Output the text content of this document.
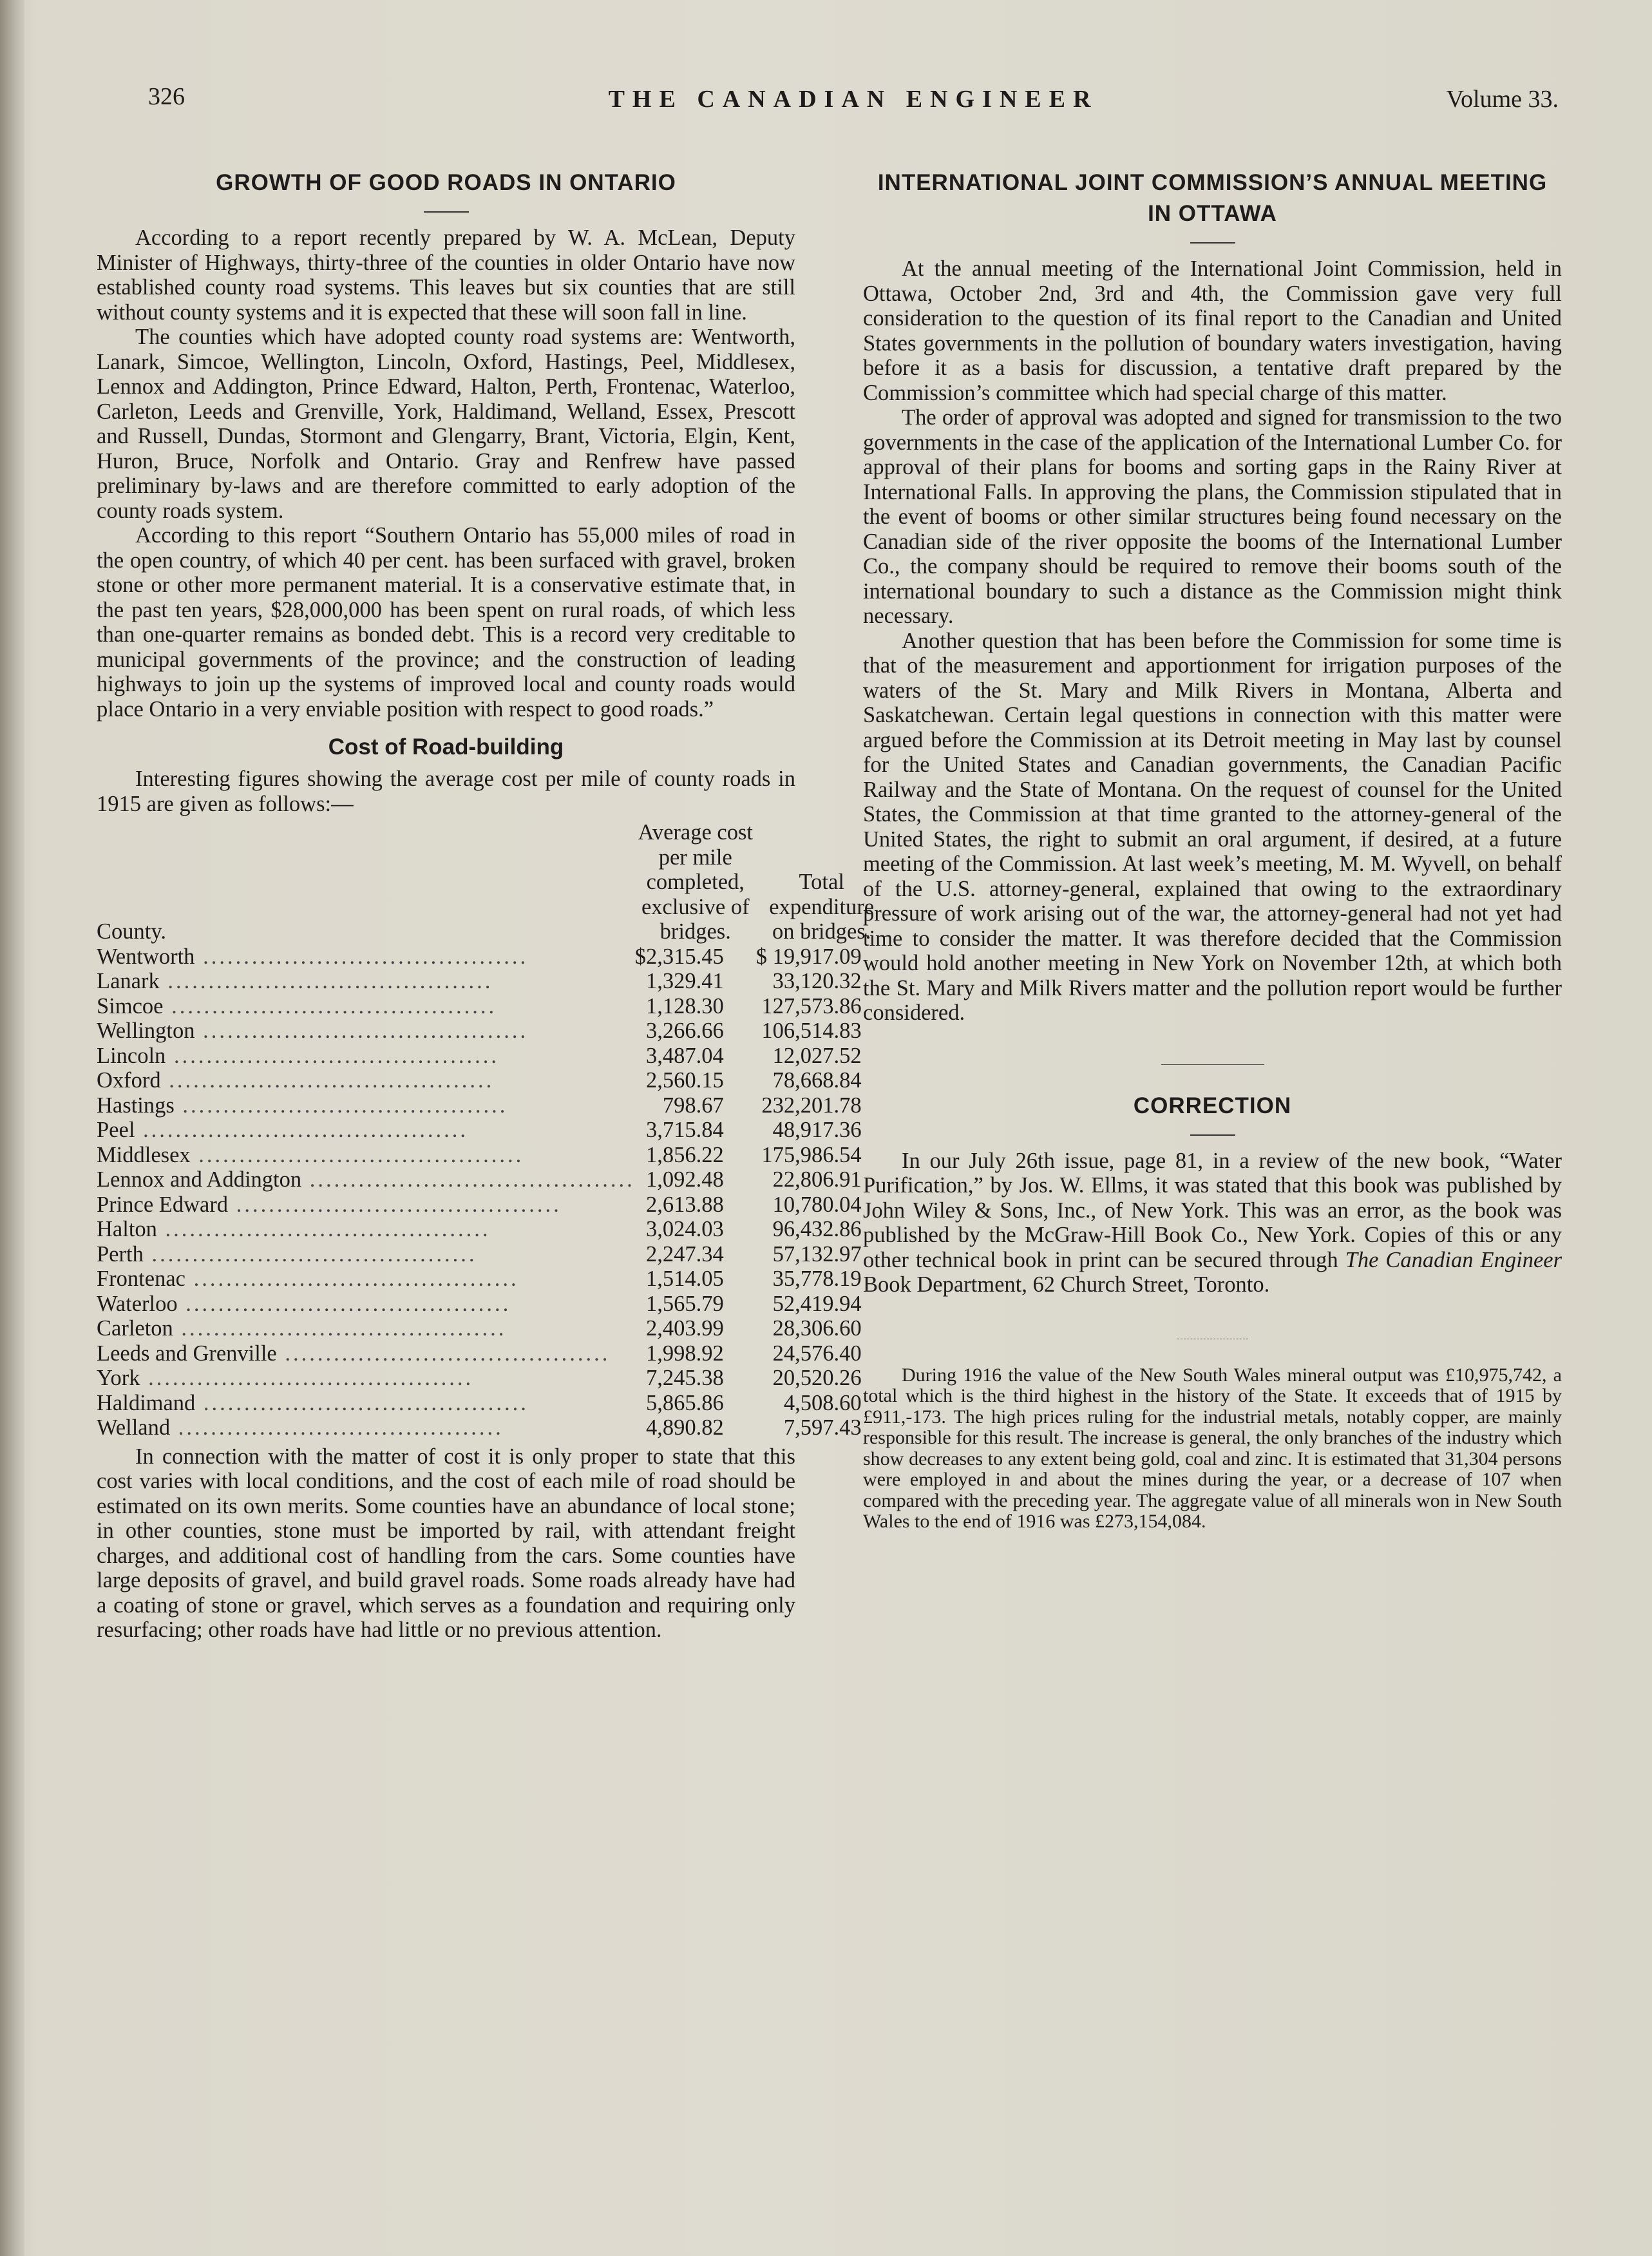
326	THE CANADIAN ENGINEER	Volume 33.
GROWTH OF GOOD ROADS IN ONTARIO

According to a report recently prepared by W. A. McLean, Deputy Minister of Highways, thirty-three of the counties in older Ontario have now established county road systems. This leaves but six counties that are still without county systems and it is expected that these will soon fall in line.

The counties which have adopted county road systems are: Wentworth, Lanark, Simcoe, Wellington, Lincoln, Oxford, Hastings, Peel, Middlesex, Lennox and Addington, Prince Edward, Halton, Perth, Frontenac, Waterloo, Carleton, Leeds and Grenville, York, Haldimand, Welland, Essex, Prescott and Russell, Dundas, Stormont and Glengarry, Brant, Victoria, Elgin, Kent, Huron, Bruce, Norfolk and Ontario. Gray and Renfrew have passed preliminary by-laws and are therefore committed to early adoption of the county roads system.

According to this report “Southern Ontario has 55,000 miles of road in the open country, of which 40 per cent. has been surfaced with gravel, broken stone or other more permanent material. It is a conservative estimate that, in the past ten years, $28,000,000 has been spent on rural roads, of which less than one-quarter remains as bonded debt. This is a record very creditable to municipal governments of the province; and the construction of leading highways to join up the systems of improved local and county roads would place Ontario in a very enviable position with respect to good roads.”

Cost of Road-building

Interesting figures showing the average cost per mile of county roads in 1915 are given as follows:—

County.	Average cost per mile completed, exclusive of bridges.	Total expenditure on bridges.
Wentworth ........................................	$2,315.45	$ 19,917.09
Lanark ........................................	1,329.41	33,120.32
Simcoe ........................................	1,128.30	127,573.86
Wellington ........................................	3,266.66	106,514.83
Lincoln ........................................	3,487.04	12,027.52
Oxford ........................................	2,560.15	78,668.84
Hastings ........................................	798.67	232,201.78
Peel ........................................	3,715.84	48,917.36
Middlesex ........................................	1,856.22	175,986.54
Lennox and Addington ........................................	1,092.48	22,806.91
Prince Edward ........................................	2,613.88	10,780.04
Halton ........................................	3,024.03	96,432.86
Perth ........................................	2,247.34	57,132.97
Frontenac ........................................	1,514.05	35,778.19
Waterloo ........................................	1,565.79	52,419.94
Carleton ........................................	2,403.99	28,306.60
Leeds and Grenville ........................................	1,998.92	24,576.40
York ........................................	7,245.38	20,520.26
Haldimand ........................................	5,865.86	4,508.60
Welland ........................................	4,890.82	7,597.43

In connection with the matter of cost it is only proper to state that this cost varies with local conditions, and the cost of each mile of road should be estimated on its own merits. Some counties have an abundance of local stone; in other counties, stone must be imported by rail, with attendant freight charges, and additional cost of handling from the cars. Some counties have large deposits of gravel, and build gravel roads. Some roads already have had a coating of stone or gravel, which serves as a foundation and requiring only resurfacing; other roads have had little or no previous attention.

INTERNATIONAL JOINT COMMISSION’S ANNUAL MEETING IN OTTAWA

At the annual meeting of the International Joint Commission, held in Ottawa, October 2nd, 3rd and 4th, the Commission gave very full consideration to the question of its final report to the Canadian and United States governments in the pollution of boundary waters investigation, having before it as a basis for discussion, a tentative draft prepared by the Commission’s committee which had special charge of this matter.

The order of approval was adopted and signed for transmission to the two governments in the case of the application of the International Lumber Co. for approval of their plans for booms and sorting gaps in the Rainy River at International Falls. In approving the plans, the Commission stipulated that in the event of booms or other similar structures being found necessary on the Canadian side of the river opposite the booms of the International Lumber Co., the company should be required to remove their booms south of the international boundary to such a distance as the Commission might think necessary.

Another question that has been before the Commission for some time is that of the measurement and apportionment for irrigation purposes of the waters of the St. Mary and Milk Rivers in Montana, Alberta and Saskatchewan. Certain legal questions in connection with this matter were argued before the Commission at its Detroit meeting in May last by counsel for the United States and Canadian governments, the Canadian Pacific Railway and the State of Montana. On the request of counsel for the United States, the Commission at that time granted to the attorney-general of the United States, the right to submit an oral argument, if desired, at a future meeting of the Commission. At last week’s meeting, M. M. Wyvell, on behalf of the U.S. attorney-general, explained that owing to the extraordinary pressure of work arising out of the war, the attorney-general had not yet had time to consider the matter. It was therefore decided that the Commission would hold another meeting in New York on November 12th, at which both the St. Mary and Milk Rivers matter and the pollution report would be further considered.

CORRECTION

In our July 26th issue, page 81, in a review of the new book, “Water Purification,” by Jos. W. Ellms, it was stated that this book was published by John Wiley & Sons, Inc., of New York. This was an error, as the book was published by the McGraw-Hill Book Co., New York. Copies of this or any other technical book in print can be secured through The Canadian Engineer Book Department, 62 Church Street, Toronto.

During 1916 the value of the New South Wales mineral output was £10,975,742, a total which is the third highest in the history of the State. It exceeds that of 1915 by £911,-173. The high prices ruling for the industrial metals, notably copper, are mainly responsible for this result. The increase is general, the only branches of the industry which show decreases to any extent being gold, coal and zinc. It is estimated that 31,304 persons were employed in and about the mines during the year, or a decrease of 107 when compared with the preceding year. The aggregate value of all minerals won in New South Wales to the end of 1916 was £273,154,084.
